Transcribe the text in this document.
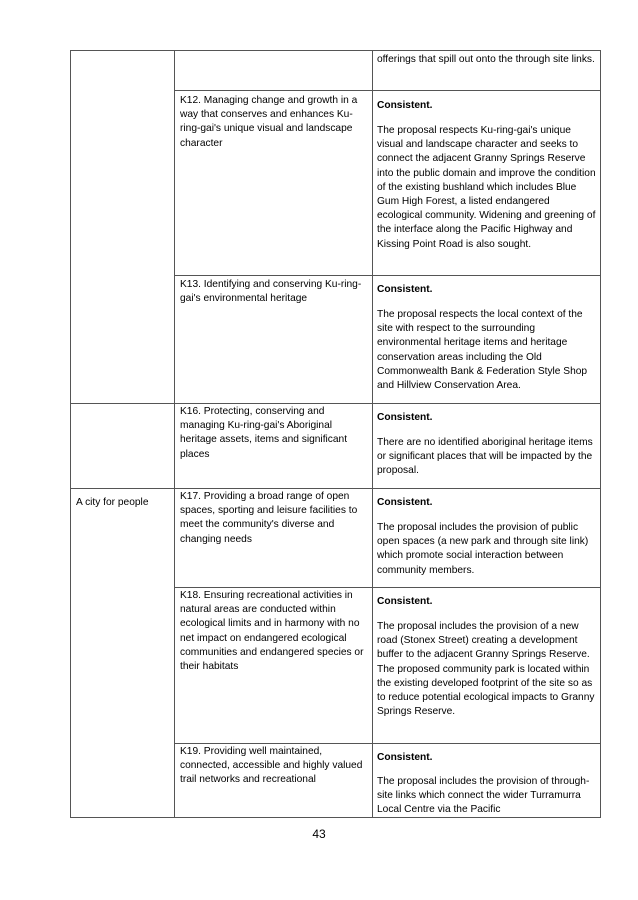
offerings that spill out onto the through site links.
K12. Managing change and growth in a way that conserves and enhances Ku-ring-gai's unique visual and landscape character
Consistent.
The proposal respects Ku-ring-gai's unique visual and landscape character and seeks to connect the adjacent Granny Springs Reserve into the public domain and improve the condition of the existing bushland which includes Blue Gum High Forest, a listed endangered ecological community. Widening and greening of the interface along the Pacific Highway and Kissing Point Road is also sought.
K13. Identifying and conserving Ku-ring-gai's environmental heritage
Consistent.
The proposal respects the local context of the site with respect to the surrounding environmental heritage items and heritage conservation areas including the Old Commonwealth Bank & Federation Style Shop and Hillview Conservation Area.
K16. Protecting, conserving and managing Ku-ring-gai's Aboriginal heritage assets, items and significant places
Consistent.
There are no identified aboriginal heritage items or significant places that will be impacted by the proposal.
A city for people
K17. Providing a broad range of open spaces, sporting and leisure facilities to meet the community's diverse and changing needs
Consistent.
The proposal includes the provision of public open spaces (a new park and through site link) which promote social interaction between community members.
K18. Ensuring recreational activities in natural areas are conducted within ecological limits and in harmony with no net impact on endangered ecological communities and endangered species or their habitats
Consistent.
The proposal includes the provision of a new road (Stonex Street) creating a development buffer to the adjacent Granny Springs Reserve. The proposed community park is located within the existing developed footprint of the site so as to reduce potential ecological impacts to Granny Springs Reserve.
K19. Providing well maintained, connected, accessible and highly valued trail networks and recreational
Consistent.
The proposal includes the provision of through-site links which connect the wider Turramurra Local Centre via the Pacific
43
